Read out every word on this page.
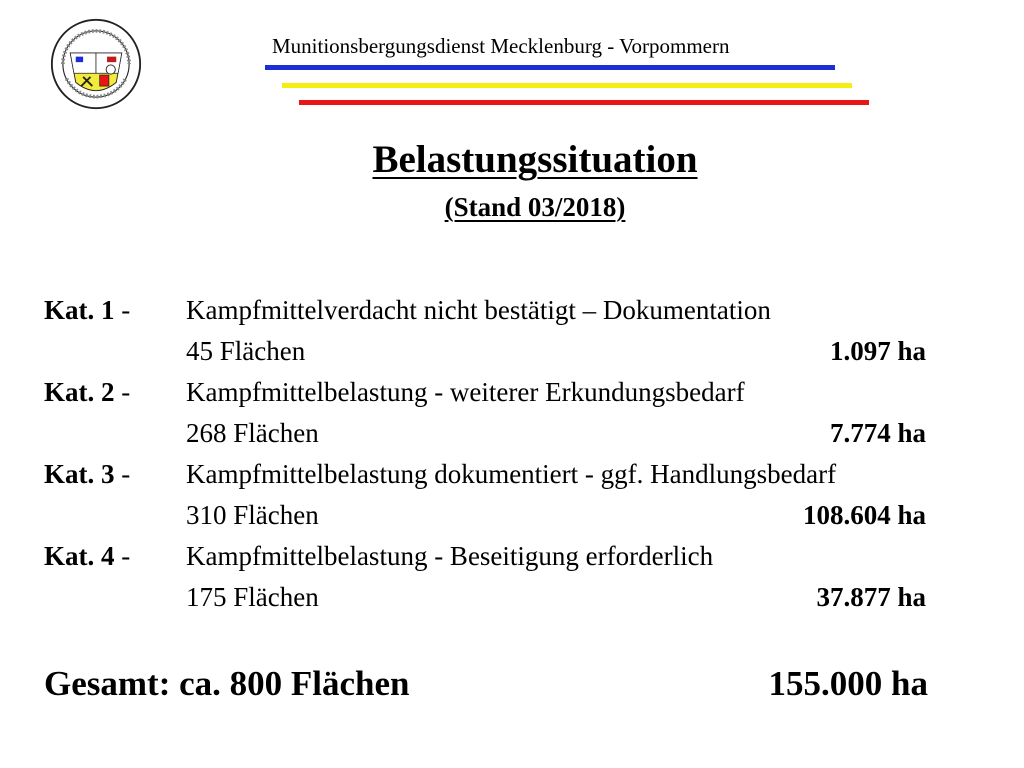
Munitionsbergungsdienst Mecklenburg - Vorpommern
Belastungssituation
(Stand 03/2018)
Kat. 1 - Kampfmittelverdacht nicht bestätigt – Dokumentation
45 Flächen	1.097 ha
Kat. 2 - Kampfmittelbelastung - weiterer Erkundungsbedarf
268 Flächen	7.774 ha
Kat. 3 - Kampfmittelbelastung dokumentiert - ggf. Handlungsbedarf
310 Flächen	108.604 ha
Kat. 4 - Kampfmittelbelastung - Beseitigung erforderlich
175 Flächen	37.877 ha
Gesamt: ca. 800 Flächen	155.000 ha
